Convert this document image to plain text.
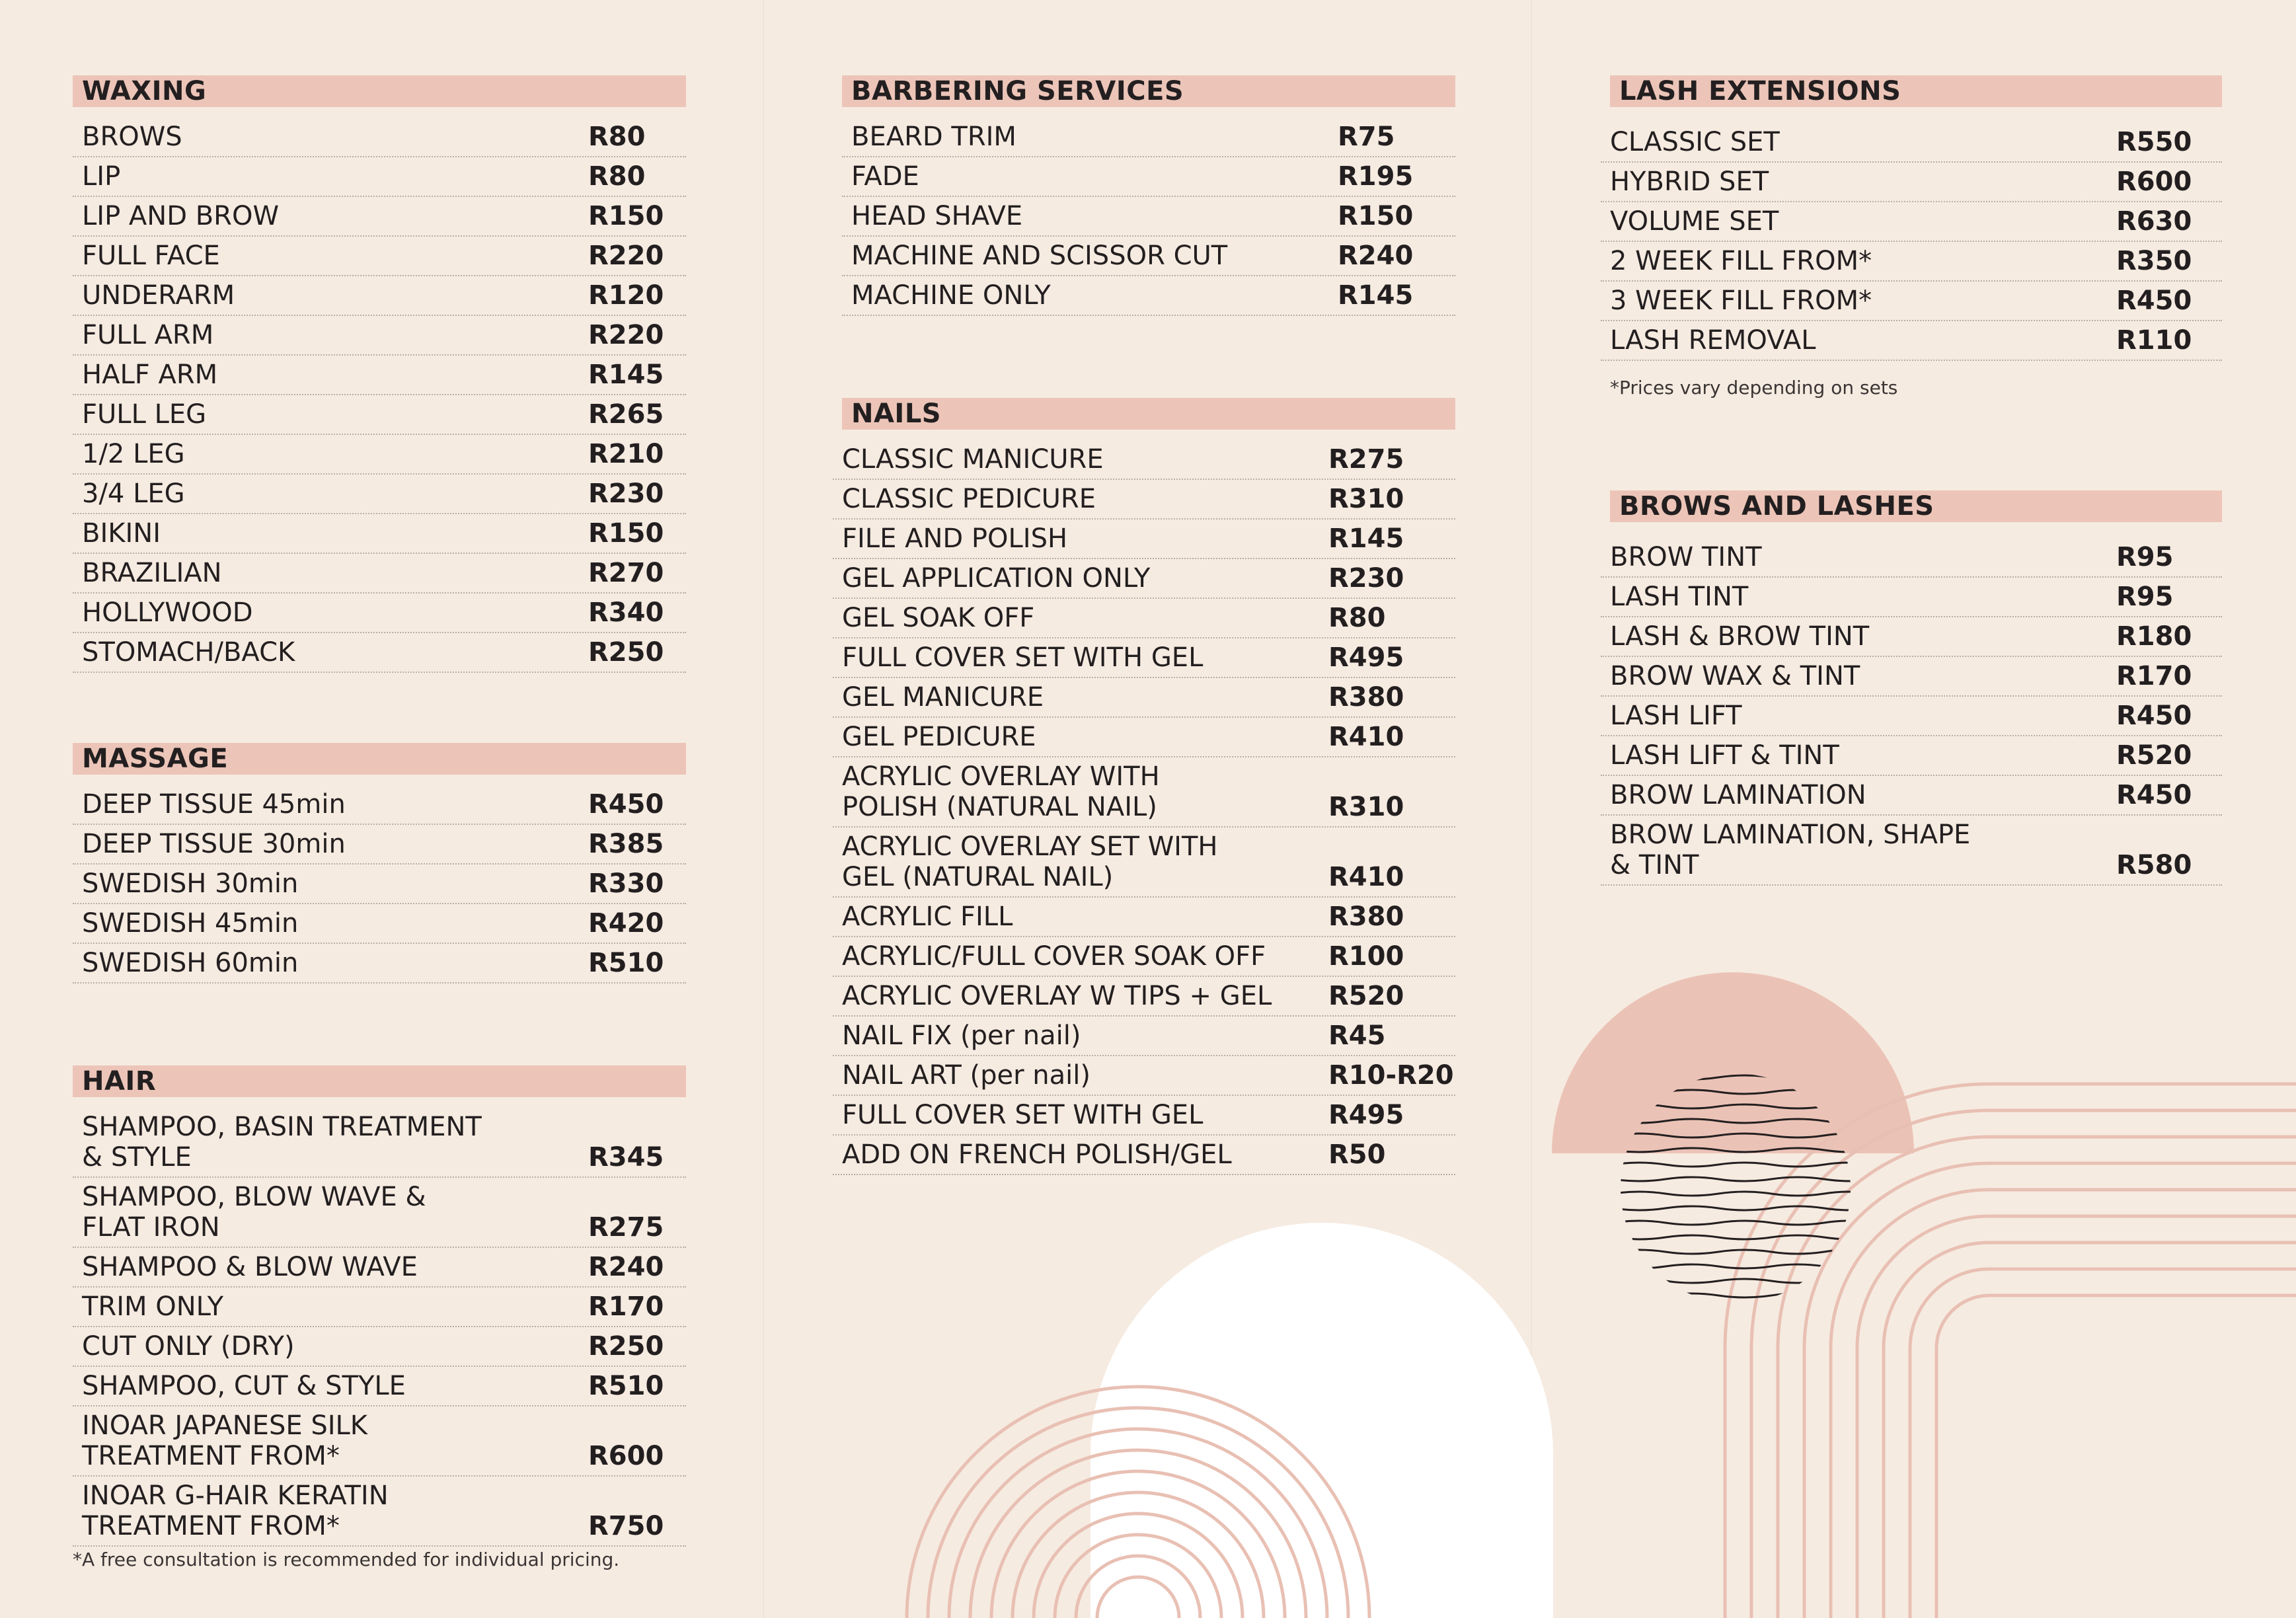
WAXING
BROWS	R80
LIP	R80
LIP AND BROW	R150
FULL FACE	R220
UNDERARM	R120
FULL ARM	R220
HALF ARM	R145
FULL LEG	R265
1/2 LEG	R210
3/4 LEG	R230
BIKINI	R150
BRAZILIAN	R270
HOLLYWOOD	R340
STOMACH/BACK	R250
MASSAGE
DEEP TISSUE 45min	R450
DEEP TISSUE 30min	R385
SWEDISH 30min	R330
SWEDISH 45min	R420
SWEDISH 60min	R510
HAIR
SHAMPOO, BASIN TREATMENT
& STYLE	R345
SHAMPOO, BLOW WAVE &
FLAT IRON	R275
SHAMPOO & BLOW WAVE	R240
TRIM ONLY	R170
CUT ONLY (DRY)	R250
SHAMPOO, CUT & STYLE	R510
INOAR JAPANESE SILK
TREATMENT FROM*	R600
INOAR G-HAIR KERATIN
TREATMENT FROM*	R750
*A free consultation is recommended for individual pricing.
BARBERING SERVICES
BEARD TRIM	R75
FADE	R195
HEAD SHAVE	R150
MACHINE AND SCISSOR CUT	R240
MACHINE ONLY	R145
NAILS
CLASSIC MANICURE	R275
CLASSIC PEDICURE	R310
FILE AND POLISH	R145
GEL APPLICATION ONLY	R230
GEL SOAK OFF	R80
FULL COVER SET WITH GEL	R495
GEL MANICURE	R380
GEL PEDICURE	R410
ACRYLIC OVERLAY WITH
POLISH (NATURAL NAIL)	R310
ACRYLIC OVERLAY SET WITH
GEL (NATURAL NAIL)	R410
ACRYLIC FILL	R380
ACRYLIC/FULL COVER SOAK OFF R100
ACRYLIC OVERLAY W TIPS + GEL R520
NAIL FIX (per nail)	R45
NAIL ART (per nail)	R10-R20
FULL COVER SET WITH GEL	R495
ADD ON FRENCH POLISH/GEL	R50
LASH EXTENSIONS
CLASSIC SET	R550
HYBRID SET	R600
VOLUME SET	R630
2 WEEK FILL FROM*	R350
3 WEEK FILL FROM*	R450
LASH REMOVAL	R110
*Prices vary depending on sets
BROWS AND LASHES
BROW TINT	R95
LASH TINT	R95
LASH & BROW TINT	R180
BROW WAX & TINT	R170
LASH LIFT	R450
LASH LIFT & TINT	R520
BROW LAMINATION	R450
BROW LAMINATION, SHAPE
& TINT	R580
